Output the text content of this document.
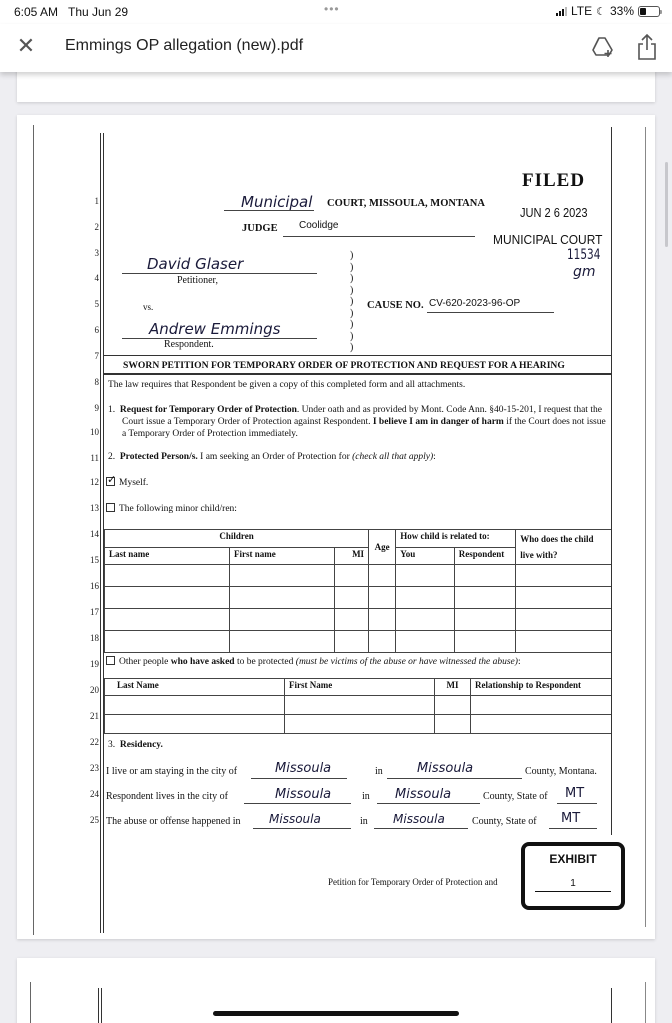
6:05 AM Thu Jun 29	•••	LTE ☾ 33%
✕ Emmings OP allegation (new).pdf
1
2
3
4
5
6
7
8
9
10
11
12
13
14
15
16
17
18
19
20
21
22
23
24
25
Municipal COURT, MISSOULA, MONTANA
JUDGE Coolidge
David Glaser
Petitioner,
vs.
Andrew Emmings
Respondent.
)
)
)
)
)
)
)
)
)
CAUSE NO. CV-620-2023-96-OP
FILED
JUN 2 6 2023
MUNICIPAL COURT
11534
gm
SWORN PETITION FOR TEMPORARY ORDER OF PROTECTION AND REQUEST FOR A HEARING
The law requires that Respondent be given a copy of this completed form and all attachments.
1. Request for Temporary Order of Protection. Under oath and as provided by Mont. Code Ann. §40-15-201, I request that the Court issue a Temporary Order of Protection against Respondent. I believe I am in danger of harm if the Court does not issue a Temporary Order of Protection immediately.
2. Protected Person/s. I am seeking an Order of Protection for (check all that apply):
✓Myself.
The following minor child/ren:
Children			Age	How child is related to:		Who does the child live with?
Last name	First name	MI		You	Respondent	

Other people who have asked to be protected (must be victims of the abuse or have witnessed the abuse):
Last Name	First Name	MI	Relationship to Respondent

3. Residency.
I live or am staying in the city of	Missoula	in	Missoula	County, Montana.
Respondent lives in the city of	Missoula	in Missoula	County, State of MT
The abuse or offense happened in Missoula	in Missoula	County, State of MT
Petition for Temporary Order of Protection and
EXHIBIT
1
